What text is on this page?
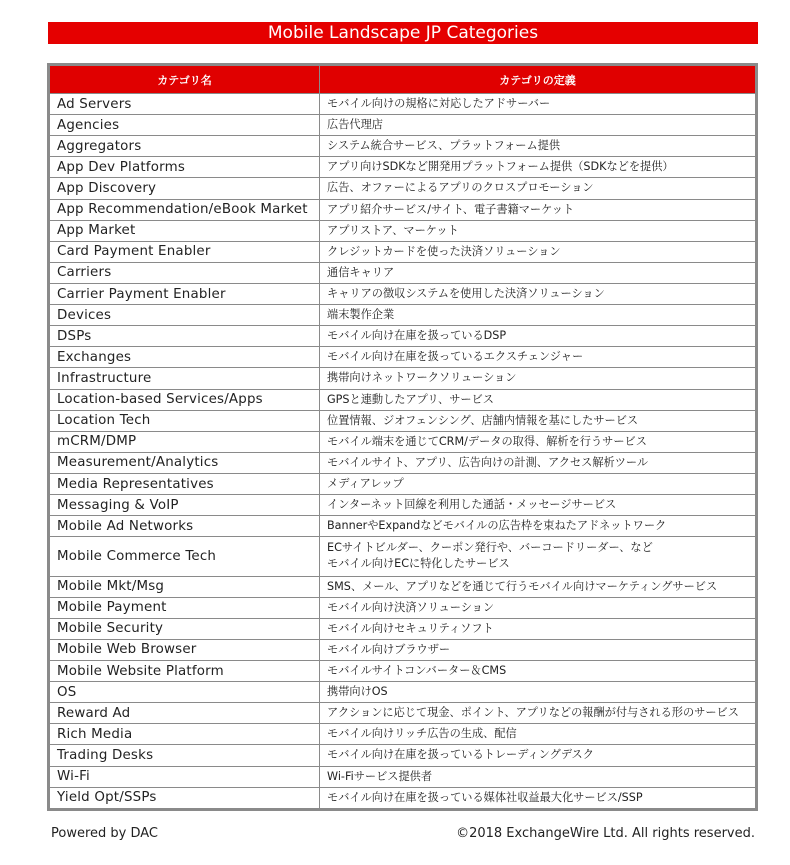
Mobile Landscape JP Categories
カテゴリ名	カテゴリの定義
Ad Servers	モバイル向けの規格に対応したアドサーバー

Agencies	広告代理店

Aggregators	システム統合サービス、プラットフォーム提供

App Dev Platforms	アプリ向けSDKなど開発用プラットフォーム提供（SDKなどを提供）

App Discovery	広告、オファーによるアプリのクロスプロモーション

App Recommendation/eBook Market	アプリ紹介サービス/サイト、電子書籍マーケット

App Market	アプリストア、マーケット

Card Payment Enabler	クレジットカードを使った決済ソリューション

Carriers	通信キャリア

Carrier Payment Enabler	キャリアの徴収システムを使用した決済ソリューション

Devices	端末製作企業

DSPs	モバイル向け在庫を扱っているDSP

Exchanges	モバイル向け在庫を扱っているエクスチェンジャー

Infrastructure	携帯向けネットワークソリューション

Location-based Services/Apps	GPSと連動したアプリ、サービス

Location Tech	位置情報、ジオフェンシング、店舗内情報を基にしたサービス

mCRM/DMP	モバイル端末を通じてCRM/データの取得、解析を行うサービス

Measurement/Analytics	モバイルサイト、アプリ、広告向けの計測、アクセス解析ツール

Media Representatives	メディアレップ

Messaging & VoIP	インターネット回線を利用した通話・メッセージサービス

Mobile Ad Networks	BannerやExpandなどモバイルの広告枠を束ねたアドネットワーク

Mobile Commerce Tech	ECサイトビルダー、クーポン発行や、バーコードリーダー、など
モバイル向けECに特化したサービス

Mobile Mkt/Msg	SMS、メール、アプリなどを通じて行うモバイル向けマーケティングサービス

Mobile Payment	モバイル向け決済ソリューション

Mobile Security	モバイル向けセキュリティソフト

Mobile Web Browser	モバイル向けブラウザー

Mobile Website Platform	モバイルサイトコンバーター＆CMS

OS	携帯向けOS

Reward Ad	アクションに応じて現金、ポイント、アプリなどの報酬が付与される形のサービス

Rich Media	モバイル向けリッチ広告の生成、配信

Trading Desks	モバイル向け在庫を扱っているトレーディングデスク

Wi-Fi	Wi-Fiサービス提供者

Yield Opt/SSPs	モバイル向け在庫を扱っている媒体社収益最大化サービス/SSP
Powered by DAC	©2018 ExchangeWire Ltd. All rights reserved.
